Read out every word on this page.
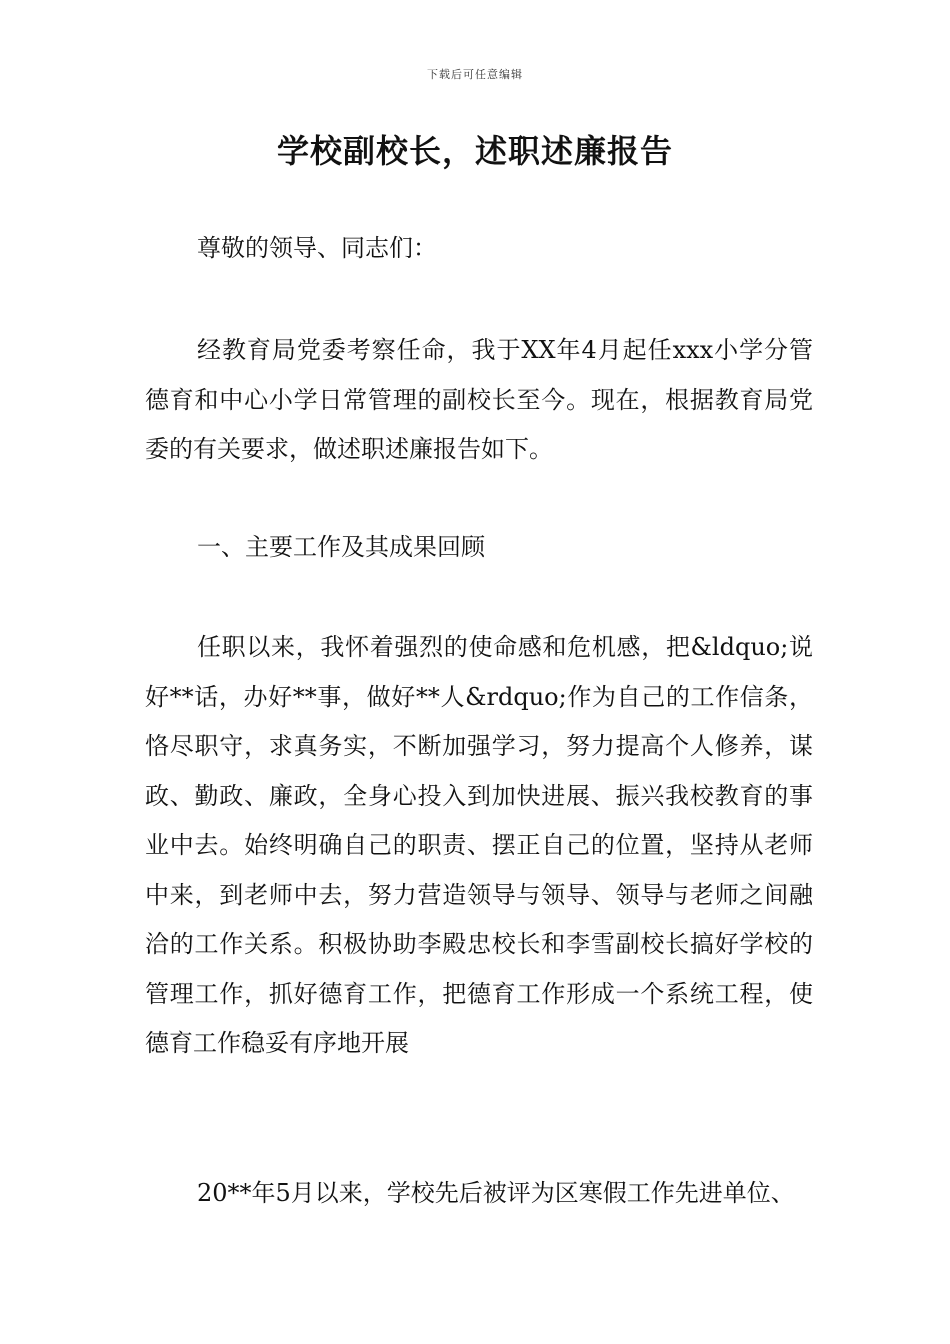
下载后可任意编辑
学校副校长，述职述廉报告

尊敬的领导、同志们：

经教育局党委考察任命，我于XX年4月起任xxx小学分管德育和中心小学日常管理的副校长至今。现在，根据教育局党委的有关要求，做述职述廉报告如下。

一、主要工作及其成果回顾

任职以来，我怀着强烈的使命感和危机感，把&ldquo;说好**话，办好**事，做好**人&rdquo;作为自己的工作信条，恪尽职守，求真务实，不断加强学习，努力提高个人修养，谋政、勤政、廉政，全身心投入到加快进展、振兴我校教育的事业中去。始终明确自己的职责、摆正自己的位置，坚持从老师中来，到老师中去，努力营造领导与领导、领导与老师之间融洽的工作关系。积极协助李殿忠校长和李雪副校长搞好学校的管理工作，抓好德育工作，把德育工作形成一个系统工程，使德育工作稳妥有序地开展

20**年5月以来，学校先后被评为区寒假工作先进单位、
